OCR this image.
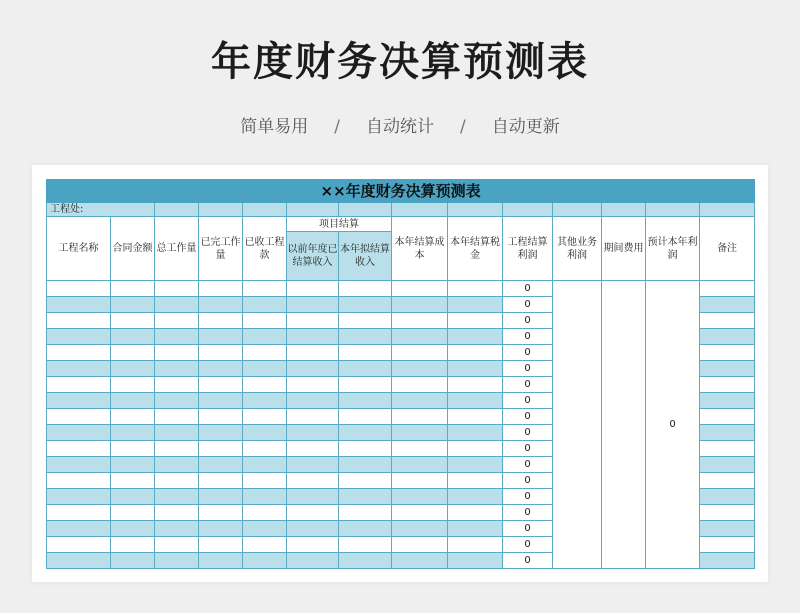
年度财务决算预测表
简单易用 / 自动统计 / 自动更新
××年度财务决算预测表													
工程处:													
工程名称	合同金额	总工作量	已完工作量	已收工程款	项目结算		本年结算成本	本年结算税金	工程结算利润	其他业务利润	期间费用	预计本年利润	备注
					以前年度已结算收入	本年拟结算收入							
									0			0	
									0				
									0				
									0				
									0				
									0				
									0				
									0				
									0				
									0				
									0				
									0				
									0				
									0				
									0				
									0				
									0				
									0				
